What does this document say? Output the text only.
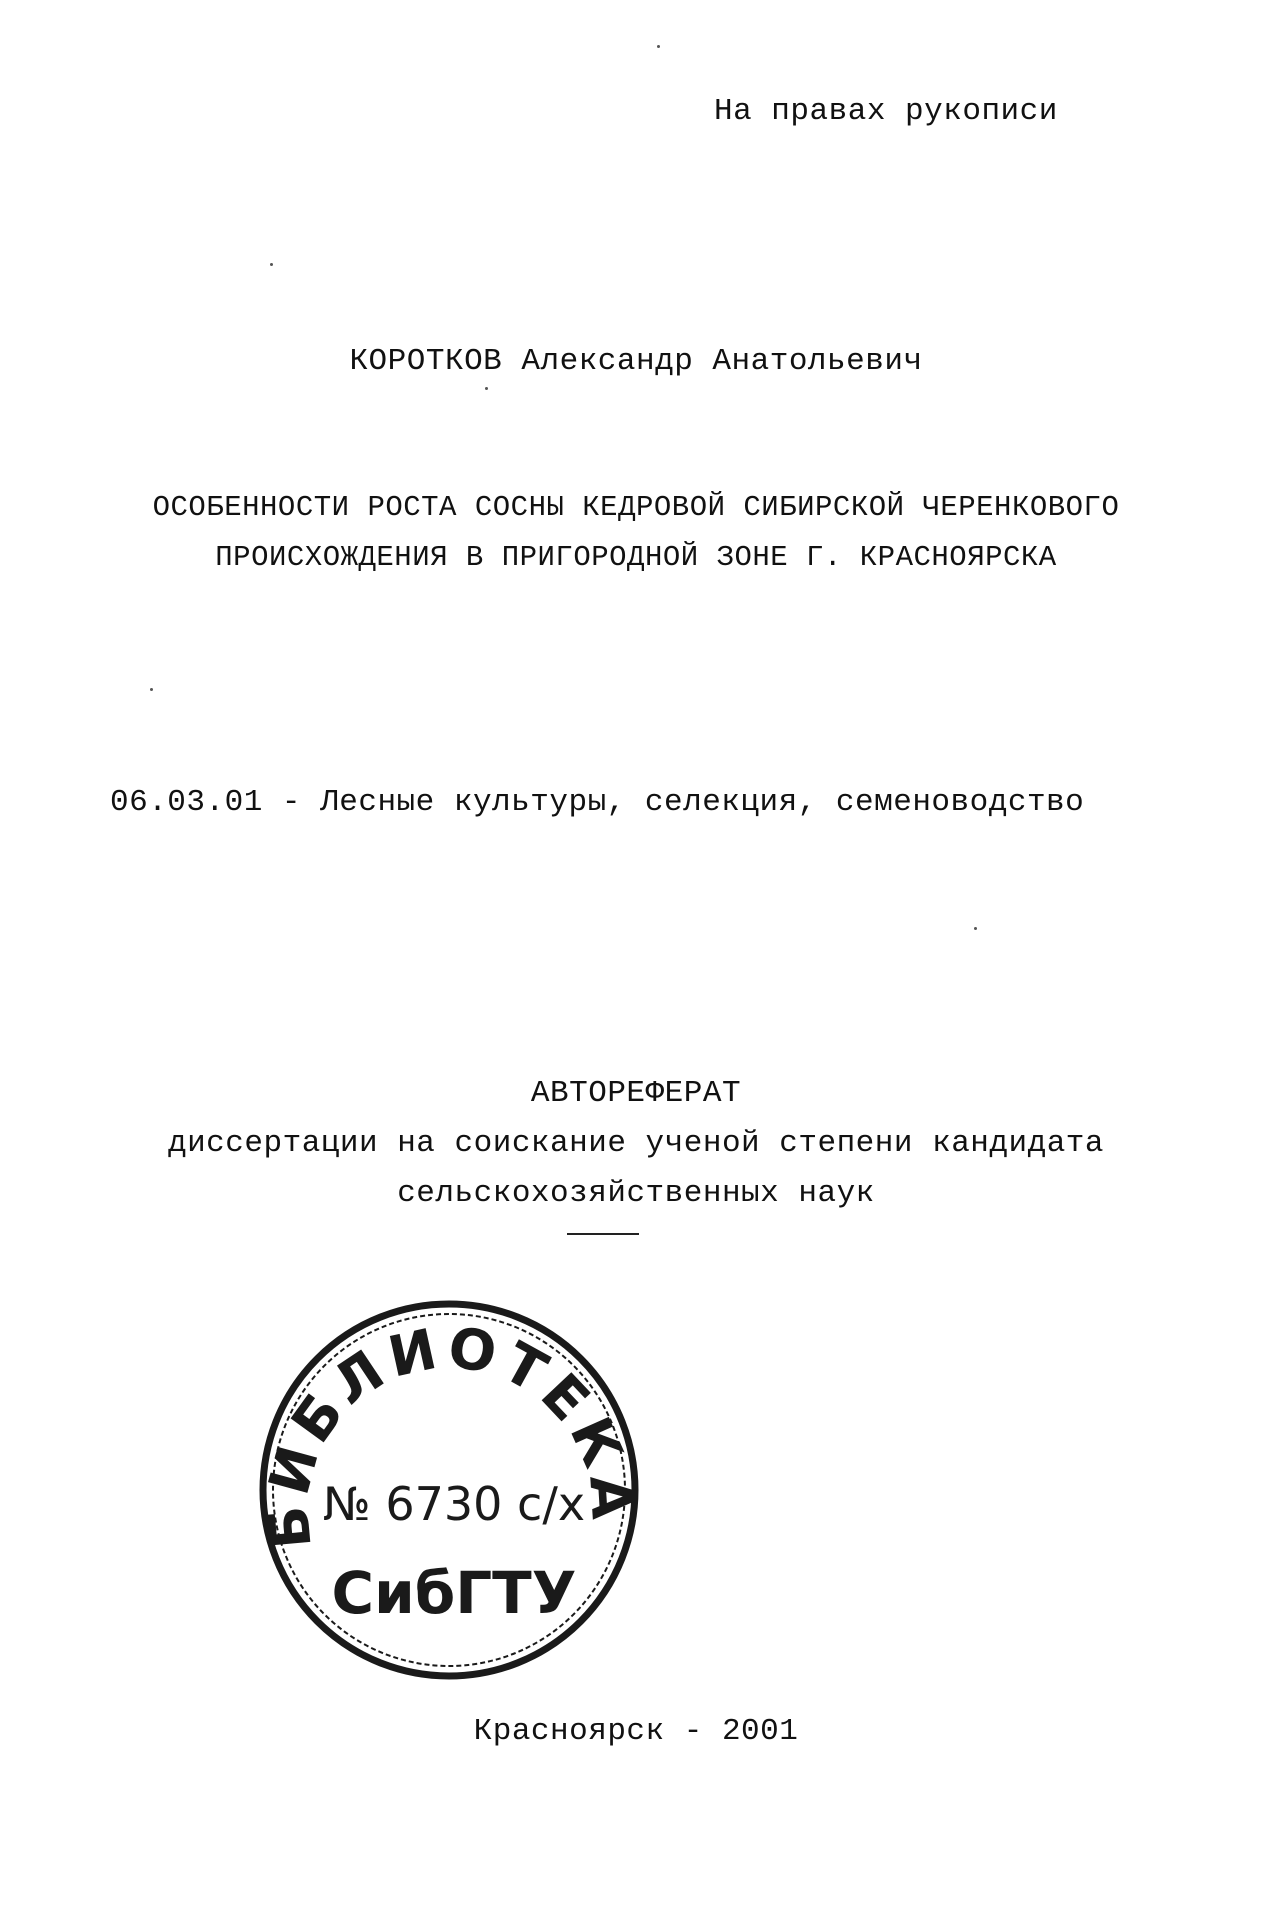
На правах рукописи
КОРОТКОВ Александр Анатольевич
ОСОБЕННОСТИ РОСТА СОСНЫ КЕДРОВОЙ СИБИРСКОЙ ЧЕРЕНКОВОГО
ПРОИСХОЖДЕНИЯ В ПРИГОРОДНОЙ ЗОНЕ Г. КРАСНОЯРСКА
06.03.01 - Лесные культуры, селекция, семеноводство
АВТОРЕФЕРАТ
диссертации на соискание ученой степени кандидата
сельскохозяйственных наук
БИБЛИОТЕКА
№ 6730 с/х
СибГТУ
Красноярск - 2001
